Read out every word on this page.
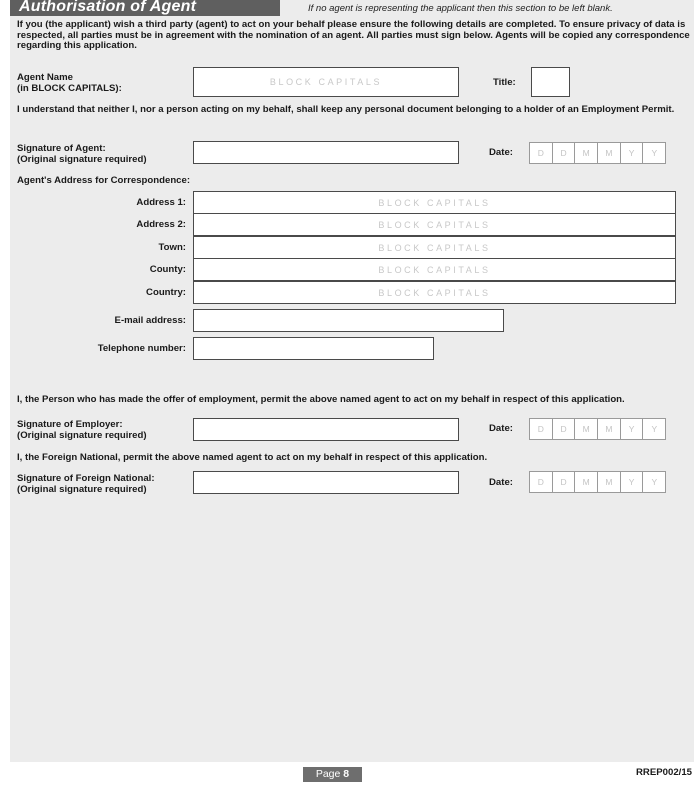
Authorisation of Agent	If no agent is representing the applicant then this section to be left blank.
If you (the applicant) wish a third party (agent) to act on your behalf please ensure the following details are completed. To ensure privacy of data is respected, all parties must be in agreement with the nomination of an agent. All parties must sign below. Agents will be copied any correspondence regarding this application.
Agent Name
(in BLOCK CAPITALS):
BLOCK CAPITALS	Title:
I understand that neither I, nor a person acting on my behalf, shall keep any personal document belonging to a holder of an Employment Permit.
Signature of Agent:
(Original signature required)
Date:	D	D	M	M	Y	Y
Agent's Address for Correspondence:
Address 1:	BLOCK CAPITALS
Address 2:	BLOCK CAPITALS
Town:	BLOCK CAPITALS
County:	BLOCK CAPITALS
Country:	BLOCK CAPITALS
E-mail address:
Telephone number:
I, the Person who has made the offer of employment, permit the above named agent to act on my behalf in respect of this application.
Signature of Employer:
(Original signature required)
Date:	D	D	M	M	Y	Y
I, the Foreign National, permit the above named agent to act on my behalf in respect of this application.
Signature of Foreign National:
(Original signature required)
Date:	D	D	M	M	Y	Y
Page 8	RREP002/15
